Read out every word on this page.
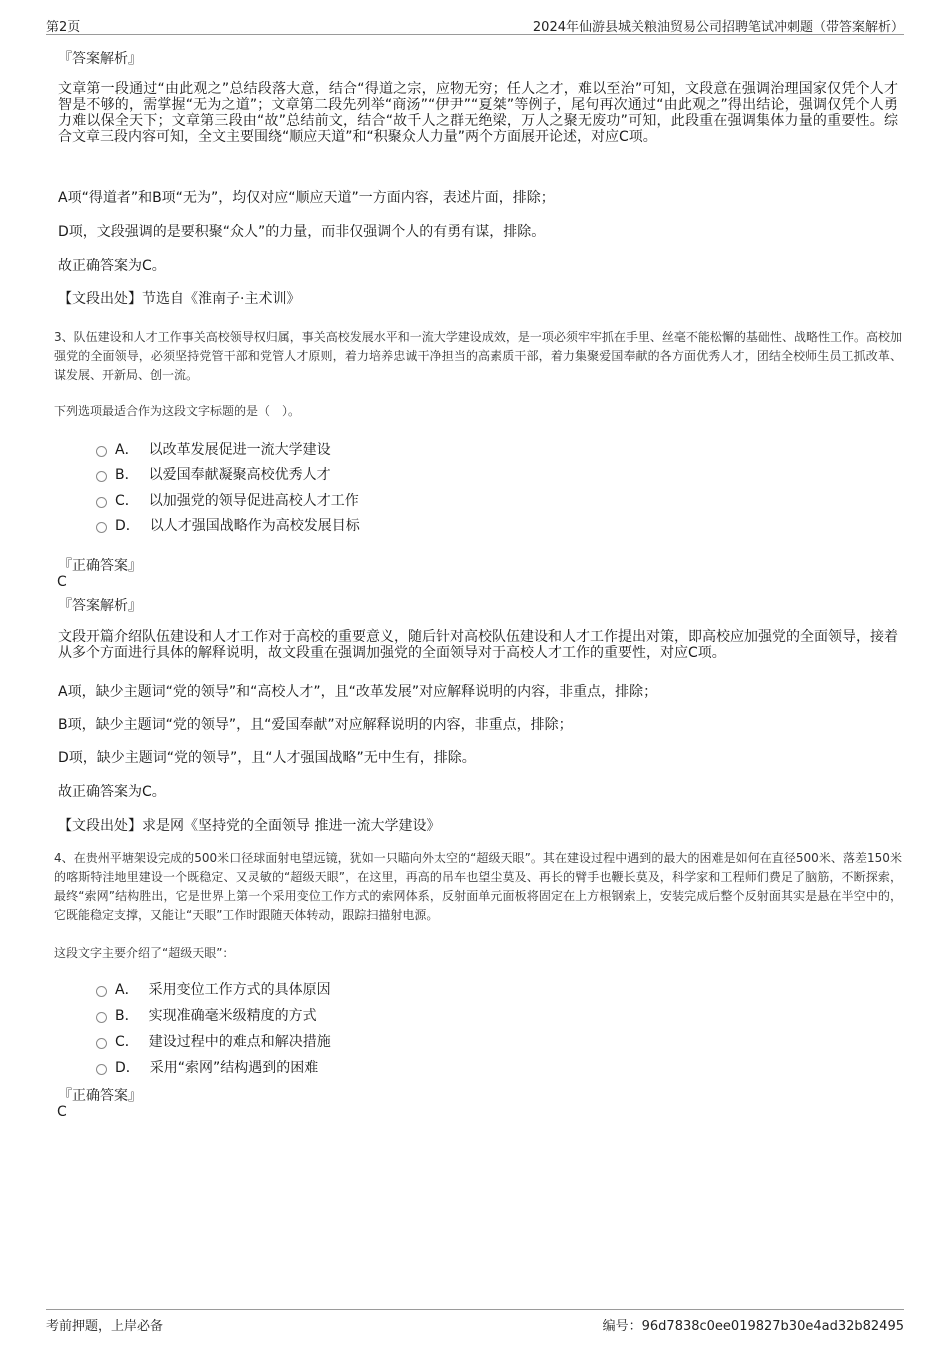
第2页	2024年仙游县城关粮油贸易公司招聘笔试冲刺题（带答案解析）
『答案解析』
文章第一段通过“由此观之”总结段落大意，结合“得道之宗，应物无穷；任人之才，难以至治”可知，文段意在强调治理国家仅凭个人才智是不够的，需掌握“无为之道”；文章第二段先列举“商汤”“伊尹”“夏桀”等例子，尾句再次通过“由此观之”得出结论，强调仅凭个人勇力难以保全天下；文章第三段由“故”总结前文，结合“故千人之群无绝梁，万人之聚无废功”可知，此段重在强调集体力量的重要性。综合文章三段内容可知，全文主要围绕“顺应天道”和“积聚众人力量”两个方面展开论述，对应C项。
A项“得道者”和B项“无为”，均仅对应“顺应天道”一方面内容，表述片面，排除；
D项，文段强调的是要积聚“众人”的力量，而非仅强调个人的有勇有谋，排除。
故正确答案为C。
【文段出处】节选自《淮南子·主术训》
3、队伍建设和人才工作事关高校领导权归属，事关高校发展水平和一流大学建设成效，是一项必须牢牢抓在手里、丝毫不能松懈的基础性、战略性工作。高校加强党的全面领导，必须坚持党管干部和党管人才原则，着力培养忠诚干净担当的高素质干部，着力集聚爱国奉献的各方面优秀人才，团结全校师生员工抓改革、谋发展、开新局、创一流。
下列选项最适合作为这段文字标题的是（　）。
A． 以改革发展促进一流大学建设
B． 以爱国奉献凝聚高校优秀人才
C． 以加强党的领导促进高校人才工作
D． 以人才强国战略作为高校发展目标
『正确答案』
C
『答案解析』
文段开篇介绍队伍建设和人才工作对于高校的重要意义，随后针对高校队伍建设和人才工作提出对策，即高校应加强党的全面领导，接着从多个方面进行具体的解释说明，故文段重在强调加强党的全面领导对于高校人才工作的重要性，对应C项。
A项，缺少主题词“党的领导”和“高校人才”，且“改革发展”对应解释说明的内容，非重点，排除；
B项，缺少主题词“党的领导”，且“爱国奉献”对应解释说明的内容，非重点，排除；
D项，缺少主题词“党的领导”，且“人才强国战略”无中生有，排除。
故正确答案为C。
【文段出处】求是网《坚持党的全面领导 推进一流大学建设》
4、在贵州平塘架设完成的500米口径球面射电望远镜，犹如一只瞄向外太空的“超级天眼”。其在建设过程中遇到的最大的困难是如何在直径500米、落差150米的喀斯特洼地里建设一个既稳定、又灵敏的“超级天眼”，在这里，再高的吊车也望尘莫及、再长的臂手也鞭长莫及，科学家和工程师们费足了脑筋，不断探索，最终“索网”结构胜出，它是世界上第一个采用变位工作方式的索网体系，反射面单元面板将固定在上方根钢索上，安装完成后整个反射面其实是悬在半空中的，它既能稳定支撑，又能让“天眼”工作时跟随天体转动，跟踪扫描射电源。
这段文字主要介绍了“超级天眼”：
A． 采用变位工作方式的具体原因
B． 实现准确毫米级精度的方式
C． 建设过程中的难点和解决措施
D． 采用“索网”结构遇到的困难
『正确答案』
C
考前押题，上岸必备	编号：96d7838c0ee019827b30e4ad32b82495
